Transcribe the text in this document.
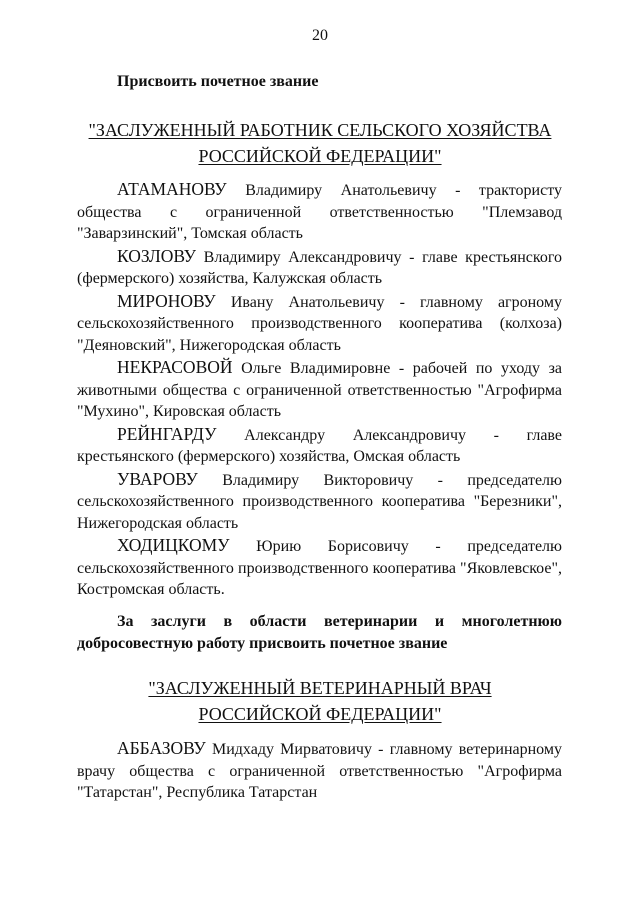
20
Присвоить почетное звание
"ЗАСЛУЖЕННЫЙ РАБОТНИК СЕЛЬСКОГО ХОЗЯЙСТВА
РОССИЙСКОЙ ФЕДЕРАЦИИ"

АТАМАНОВУ Владимиру Анатольевичу - трактористу общества с ограниченной ответственностью "Племзавод "Заварзинский", Томская область

КОЗЛОВУ Владимиру Александровичу - главе крестьянского (фермерского) хозяйства, Калужская область

МИРОНОВУ Ивану Анатольевичу - главному агроному сельскохозяйственного производственного кооператива (колхоза) "Деяновский", Нижегородская область

НЕКРАСОВОЙ Ольге Владимировне - рабочей по уходу за животными общества с ограниченной ответственностью "Агрофирма "Мухино", Кировская область

РЕЙНГАРДУ Александру Александровичу - главе крестьянского (фермерского) хозяйства, Омская область

УВАРОВУ Владимиру Викторовичу - председателю сельскохозяйственного производственного кооператива "Березники", Нижегородская область

ХОДИЦКОМУ Юрию Борисовичу - председателю сельскохозяйственного производственного кооператива "Яковлевское", Костромская область.

За заслуги в области ветеринарии и многолетнюю добросовестную работу присвоить почетное звание
"ЗАСЛУЖЕННЫЙ ВЕТЕРИНАРНЫЙ ВРАЧ
РОССИЙСКОЙ ФЕДЕРАЦИИ"

АББАЗОВУ Мидхаду Мирватовичу - главному ветеринарному врачу общества с ограниченной ответственностью "Агрофирма "Татарстан", Республика Татарстан
